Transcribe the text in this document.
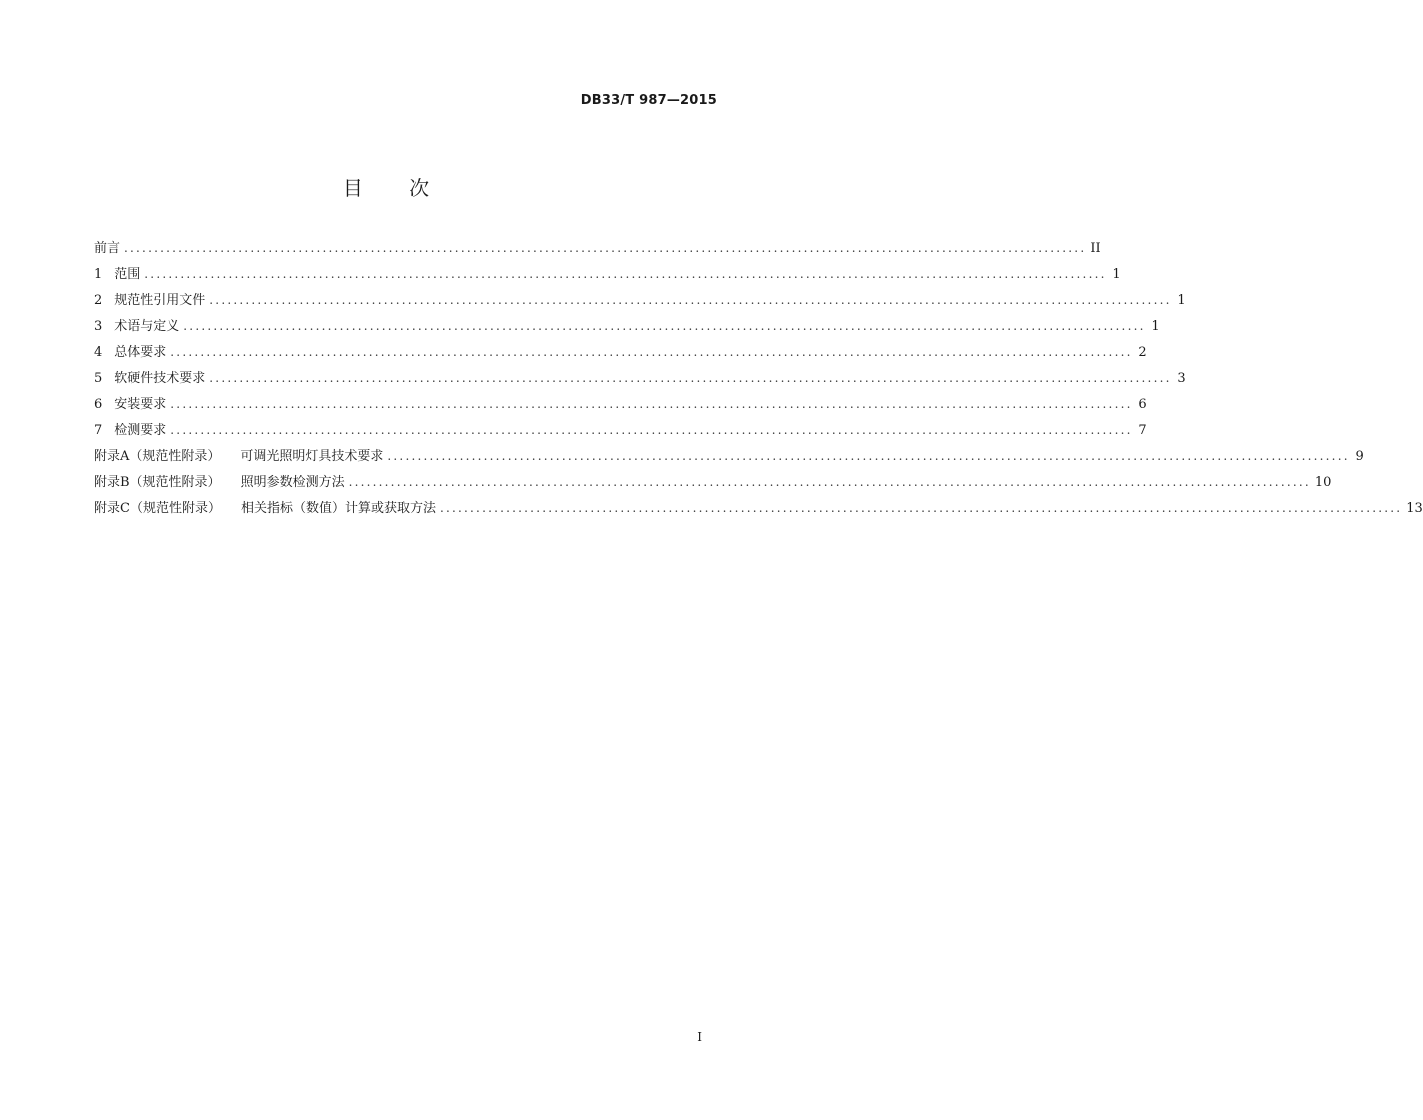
DB33/T 987—2015
目 次
前言 ................................................................................................................................................................ II
1 范围 ................................................................................................................................................................ 1
2 规范性引用文件 ................................................................................................................................................................ 1
3 术语与定义 ................................................................................................................................................................ 1
4 总体要求 ................................................................................................................................................................ 2
5 软硬件技术要求 ................................................................................................................................................................ 3
6 安装要求 ................................................................................................................................................................ 6
7 检测要求 ................................................................................................................................................................ 7
附录A（规范性附录） 可调光照明灯具技术要求 ................................................................................................................................................................ 9
附录B（规范性附录） 照明参数检测方法 ................................................................................................................................................................ 10
附录C（规范性附录） 相关指标（数值）计算或获取方法 ................................................................................................................................................................ 13
I
